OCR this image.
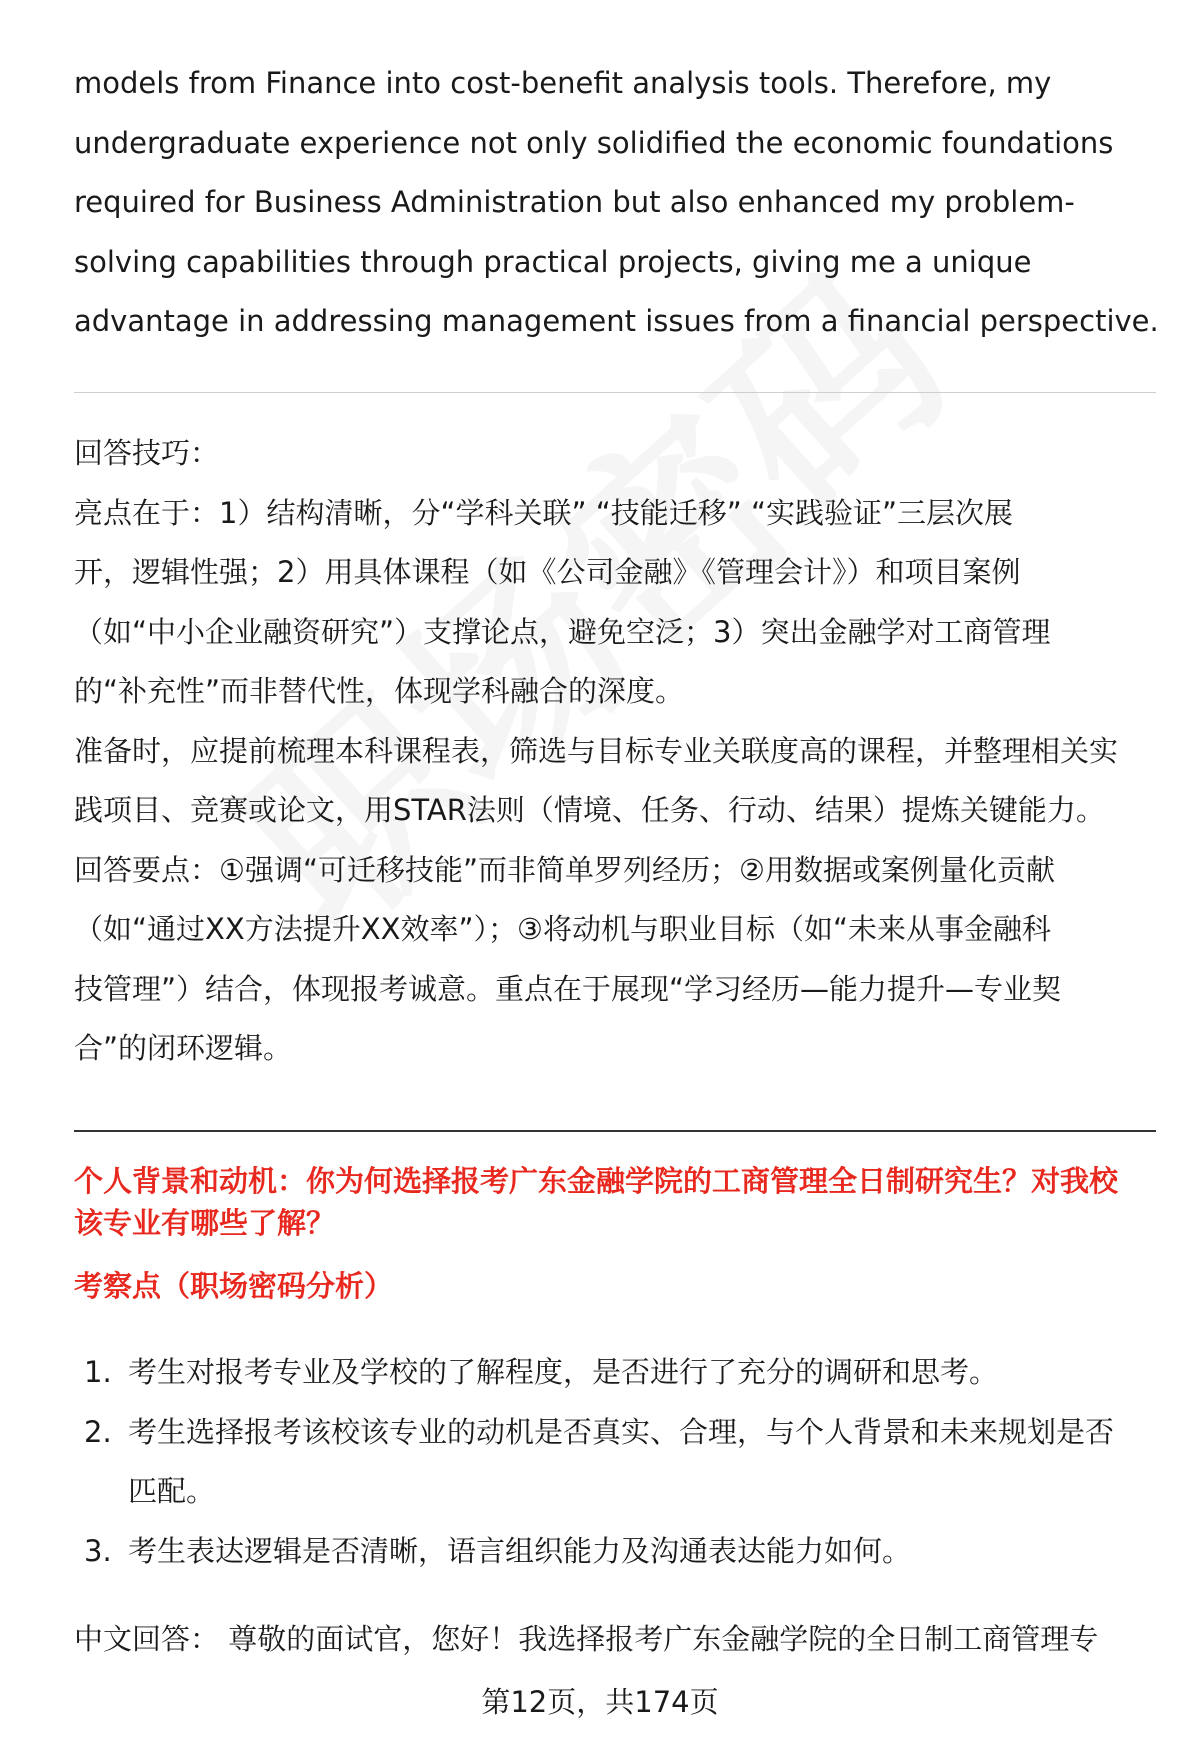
models from Finance into cost-benefit analysis tools. Therefore, my
undergraduate experience not only solidified the economic foundations
required for Business Administration but also enhanced my problem-
solving capabilities through practical projects, giving me a unique
advantage in addressing management issues from a financial perspective.
回答技巧：
亮点在于：1）结构清晰，分“学科关联” “技能迁移” “实践验证”三层次展
开，逻辑性强；2）用具体课程（如《公司金融》《管理会计》）和项目案例
（如“中小企业融资研究”）支撑论点，避免空泛；3）突出金融学对工商管理
的“补充性”而非替代性，体现学科融合的深度。
准备时，应提前梳理本科课程表，筛选与目标专业关联度高的课程，并整理相关实
践项目、竞赛或论文，用STAR法则（情境、任务、行动、结果）提炼关键能力。
回答要点：①强调“可迁移技能”而非简单罗列经历；②用数据或案例量化贡献
（如“通过XX方法提升XX效率”）；③将动机与职业目标（如“未来从事金融科
技管理”）结合，体现报考诚意。重点在于展现“学习经历—能力提升—专业契
合”的闭环逻辑。
个人背景和动机：你为何选择报考广东金融学院的工商管理全日制研究生？对我校
该专业有哪些了解？
考察点（职场密码分析）
1. 考生对报考专业及学校的了解程度，是否进行了充分的调研和思考。
2. 考生选择报考该校该专业的动机是否真实、合理，与个人背景和未来规划是否
匹配。
3. 考生表达逻辑是否清晰，语言组织能力及沟通表达能力如何。
中文回答： 尊敬的面试官，您好！我选择报考广东金融学院的全日制工商管理专
第12页，共174页
